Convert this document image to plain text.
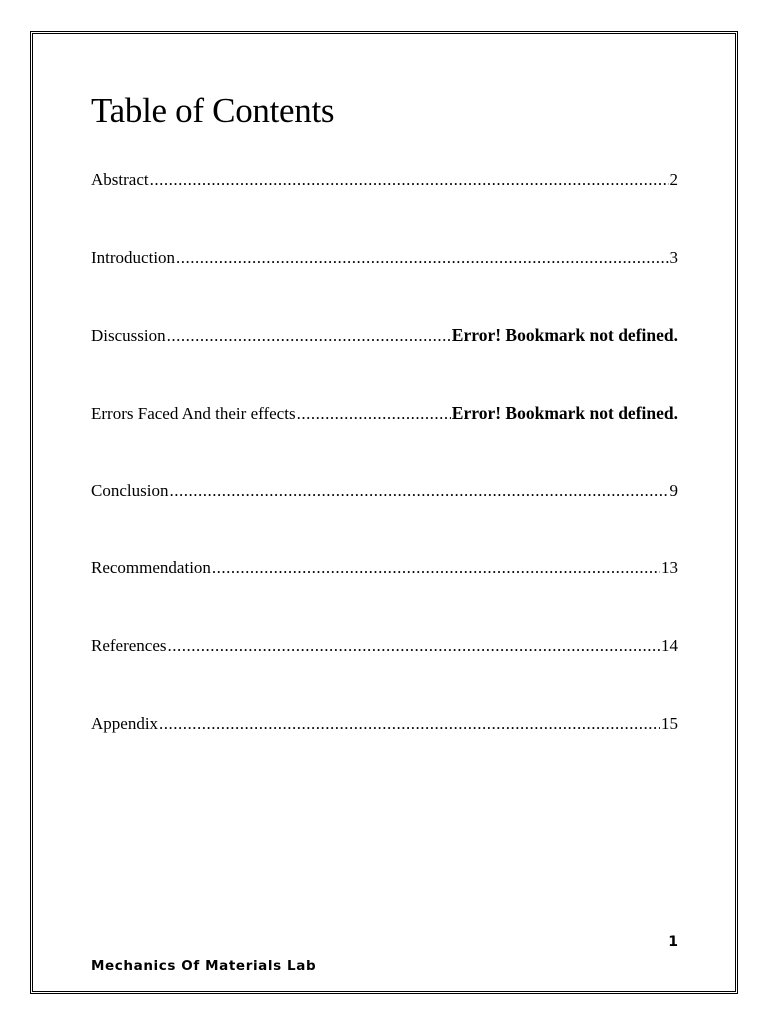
Table of Contents
Abstract .....	2
Introduction .....	3
Discussion .....	Error! Bookmark not defined.
Errors Faced And their effects .....	Error! Bookmark not defined.
Conclusion .....	9
Recommendation .....	13
References .....	14
Appendix .....	15
1
Mechanics Of Materials Lab
